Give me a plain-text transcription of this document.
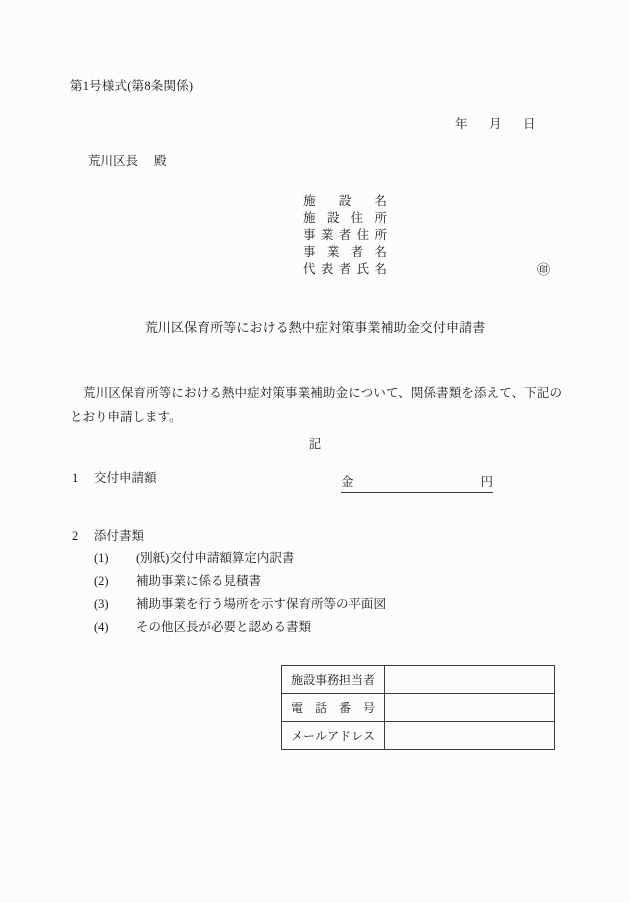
第1号様式(第8条関係)
年 月 日
荒川区長 殿
施設名
施設住所
事業者住所
事業者名
代表者氏名	㊞
荒川区保育所等における熱中症対策事業補助金交付申請書
荒川区保育所等における熱中症対策事業補助金について、関係書類を添えて、下記のとおり申請します。
記
1 交付申請額	金	円
2 添付書類
(1) (別紙)交付申請額算定内訳書
(2) 補助事業に係る見積書
(3) 補助事業を行う場所を示す保育所等の平面図
(4) その他区長が必要と認める書類
施設事務担当者	
電話番号	
メールアドレス	
